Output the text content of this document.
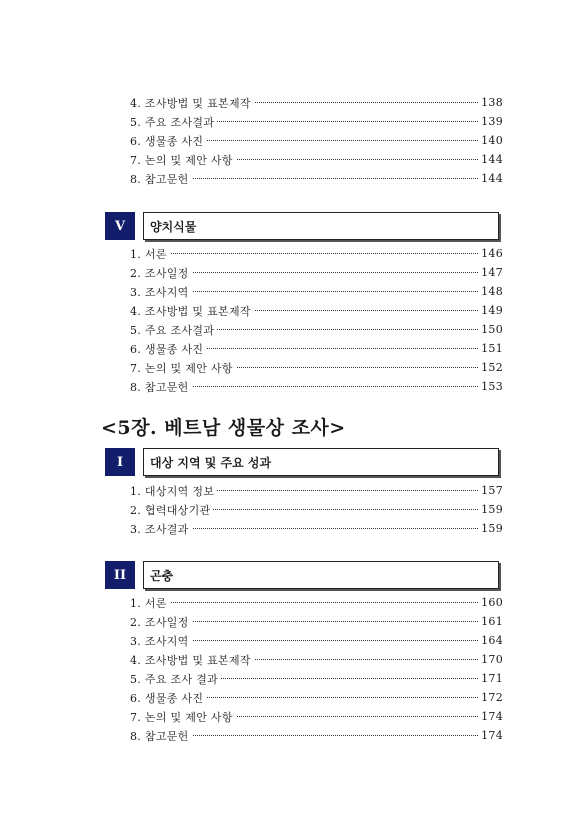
4. 조사방법 및 표본제작	138
5. 주요 조사결과	139
6. 생물종 사진	140
7. 논의 및 제안 사항	144
8. 참고문헌	144
V	양치식물
1. 서론	146
2. 조사일정	147
3. 조사지역	148
4. 조사방법 및 표본제작	149
5. 주요 조사결과	150
6. 생물종 사진	151
7. 논의 및 제안 사항	152
8. 참고문헌	153
<5장. 베트남 생물상 조사>
I	대상 지역 및 주요 성과
1. 대상지역 정보	157
2. 협력대상기관	159
3. 조사결과	159
II	곤충
1. 서론	160
2. 조사일정	161
3. 조사지역	164
4. 조사방법 및 표본제작	170
5. 주요 조사 결과	171
6. 생물종 사진	172
7. 논의 및 제안 사항	174
8. 참고문헌	174
